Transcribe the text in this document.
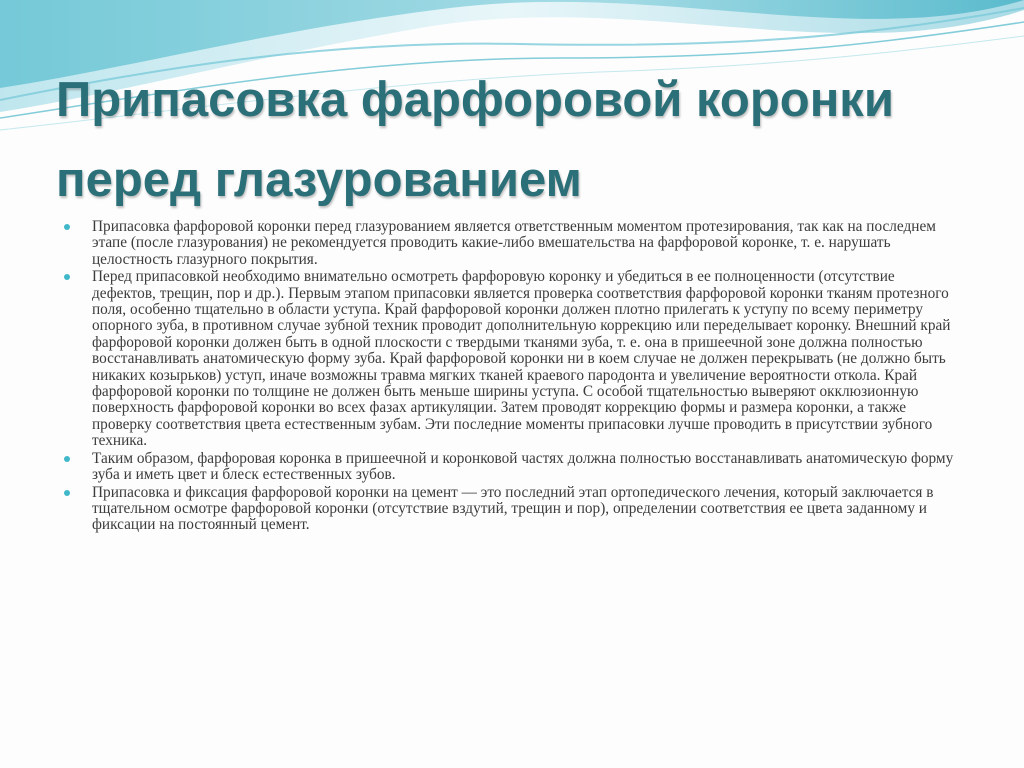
Припасовка фарфоровой коронки перед глазурованием
Припасовка фарфоровой коронки перед глазурованием является ответственным моментом протезирования, так как на последнем этапе (после глазурования) не рекомендуется проводить какие-либо вмешательства на фарфоровой коронке, т. е. нарушать целостность глазурного покрытия.
Перед припасовкой необходимо внимательно осмотреть фарфоровую коронку и убедиться в ее полноценности (отсутствие дефектов, трещин, пор и др.). Первым этапом припасовки является проверка соответствия фарфоровой коронки тканям протезного поля, особенно тщательно в области уступа. Край фарфоровой коронки должен плотно прилегать к уступу по всему периметру опорного зуба, в противном случае зубной техник проводит дополнительную коррекцию или переделывает коронку. Внешний край фарфоровой коронки должен быть в одной плоскости с твердыми тканями зуба, т. е. она в пришеечной зоне должна полностью восстанавливать анатомическую форму зуба. Край фарфоровой коронки ни в коем случае не должен перекрывать (не должно быть никаких козырьков) уступ, иначе возможны травма мягких тканей краевого пародонта и увеличение вероятности откола. Край фарфоровой коронки по толщине не должен быть меньше ширины уступа. С особой тщательностью выверяют окклюзионную поверхность фарфоровой коронки во всех фазах артикуляции. Затем проводят коррекцию формы и размера коронки, а также проверку соответствия цвета естественным зубам. Эти последние моменты припасовки лучше проводить в присутствии зубного техника.
Таким образом, фарфоровая коронка в пришеечной и коронковой частях должна полностью восстанавливать анатомическую форму зуба и иметь цвет и блеск естественных зубов.
Припасовка и фиксация фарфоровой коронки на цемент — это последний этап ортопедического лечения, который заключается в тщательном осмотре фарфоровой коронки (отсутствие вздутий, трещин и пор), определении соответствия ее цвета заданному и фиксации на постоянный цемент.
